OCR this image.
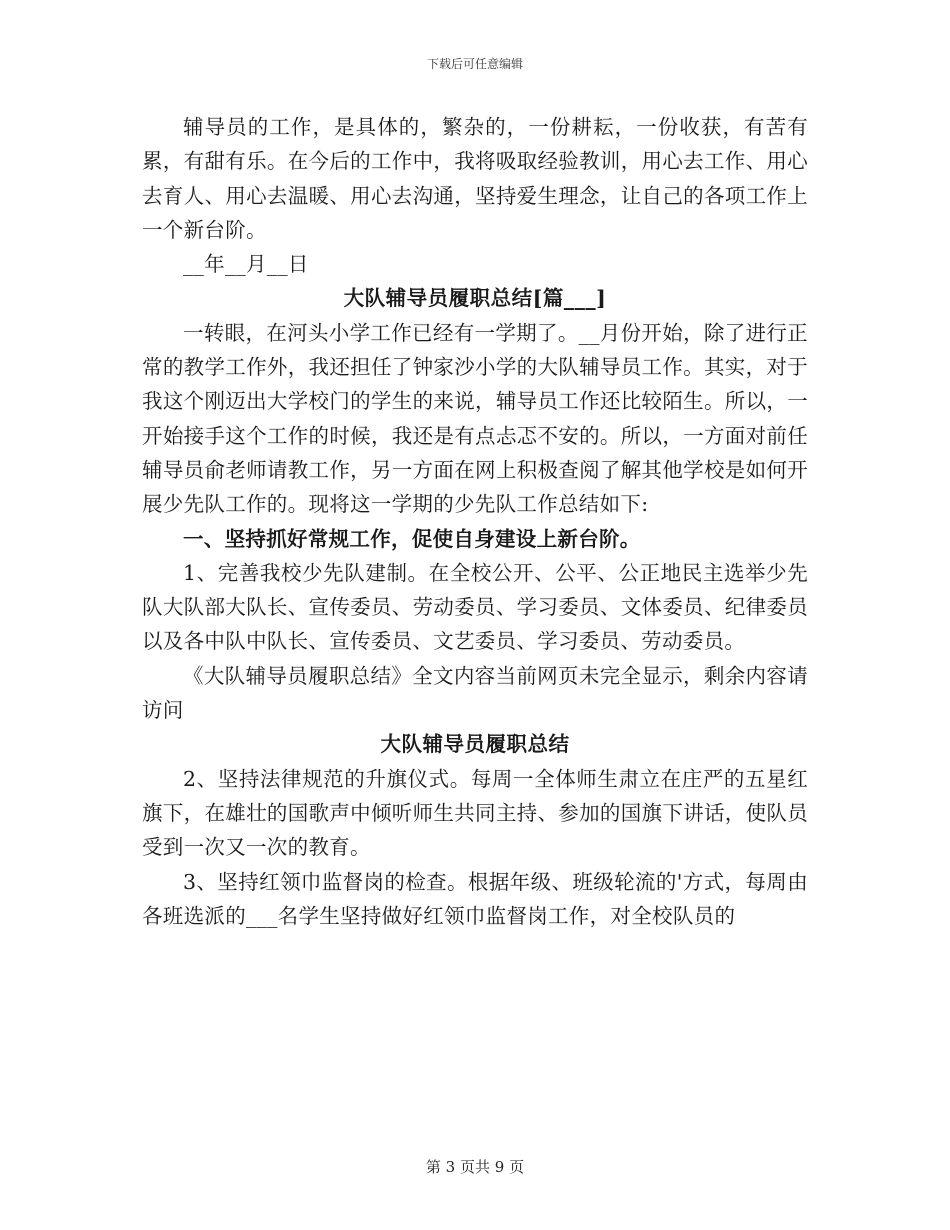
下载后可任意编辑

辅导员的工作，是具体的，繁杂的，一份耕耘，一份收获，有苦有累，有甜有乐。在今后的工作中，我将吸取经验教训，用心去工作、用心去育人、用心去温暖、用心去沟通，坚持爱生理念，让自己的各项工作上一个新台阶。

__年__月__日

大队辅导员履职总结[篇___]

一转眼，在河头小学工作已经有一学期了。__月份开始，除了进行正常的教学工作外，我还担任了钟家沙小学的大队辅导员工作。其实，对于我这个刚迈出大学校门的学生的来说，辅导员工作还比较陌生。所以，一开始接手这个工作的时候，我还是有点忐忑不安的。所以，一方面对前任辅导员俞老师请教工作，另一方面在网上积极查阅了解其他学校是如何开展少先队工作的。现将这一学期的少先队工作总结如下:

一、坚持抓好常规工作，促使自身建设上新台阶。

1、完善我校少先队建制。在全校公开、公平、公正地民主选举少先队大队部大队长、宣传委员、劳动委员、学习委员、文体委员、纪律委员以及各中队中队长、宣传委员、文艺委员、学习委员、劳动委员。

《大队辅导员履职总结》全文内容当前网页未完全显示，剩余内容请访问

大队辅导员履职总结

2、坚持法律规范的升旗仪式。每周一全体师生肃立在庄严的五星红旗下，在雄壮的国歌声中倾听师生共同主持、参加的国旗下讲话，使队员受到一次又一次的教育。

3、坚持红领巾监督岗的检查。根据年级、班级轮流的'方式，每周由各班选派的___名学生坚持做好红领巾监督岗工作，对全校队员的

第 3 页共 9 页
